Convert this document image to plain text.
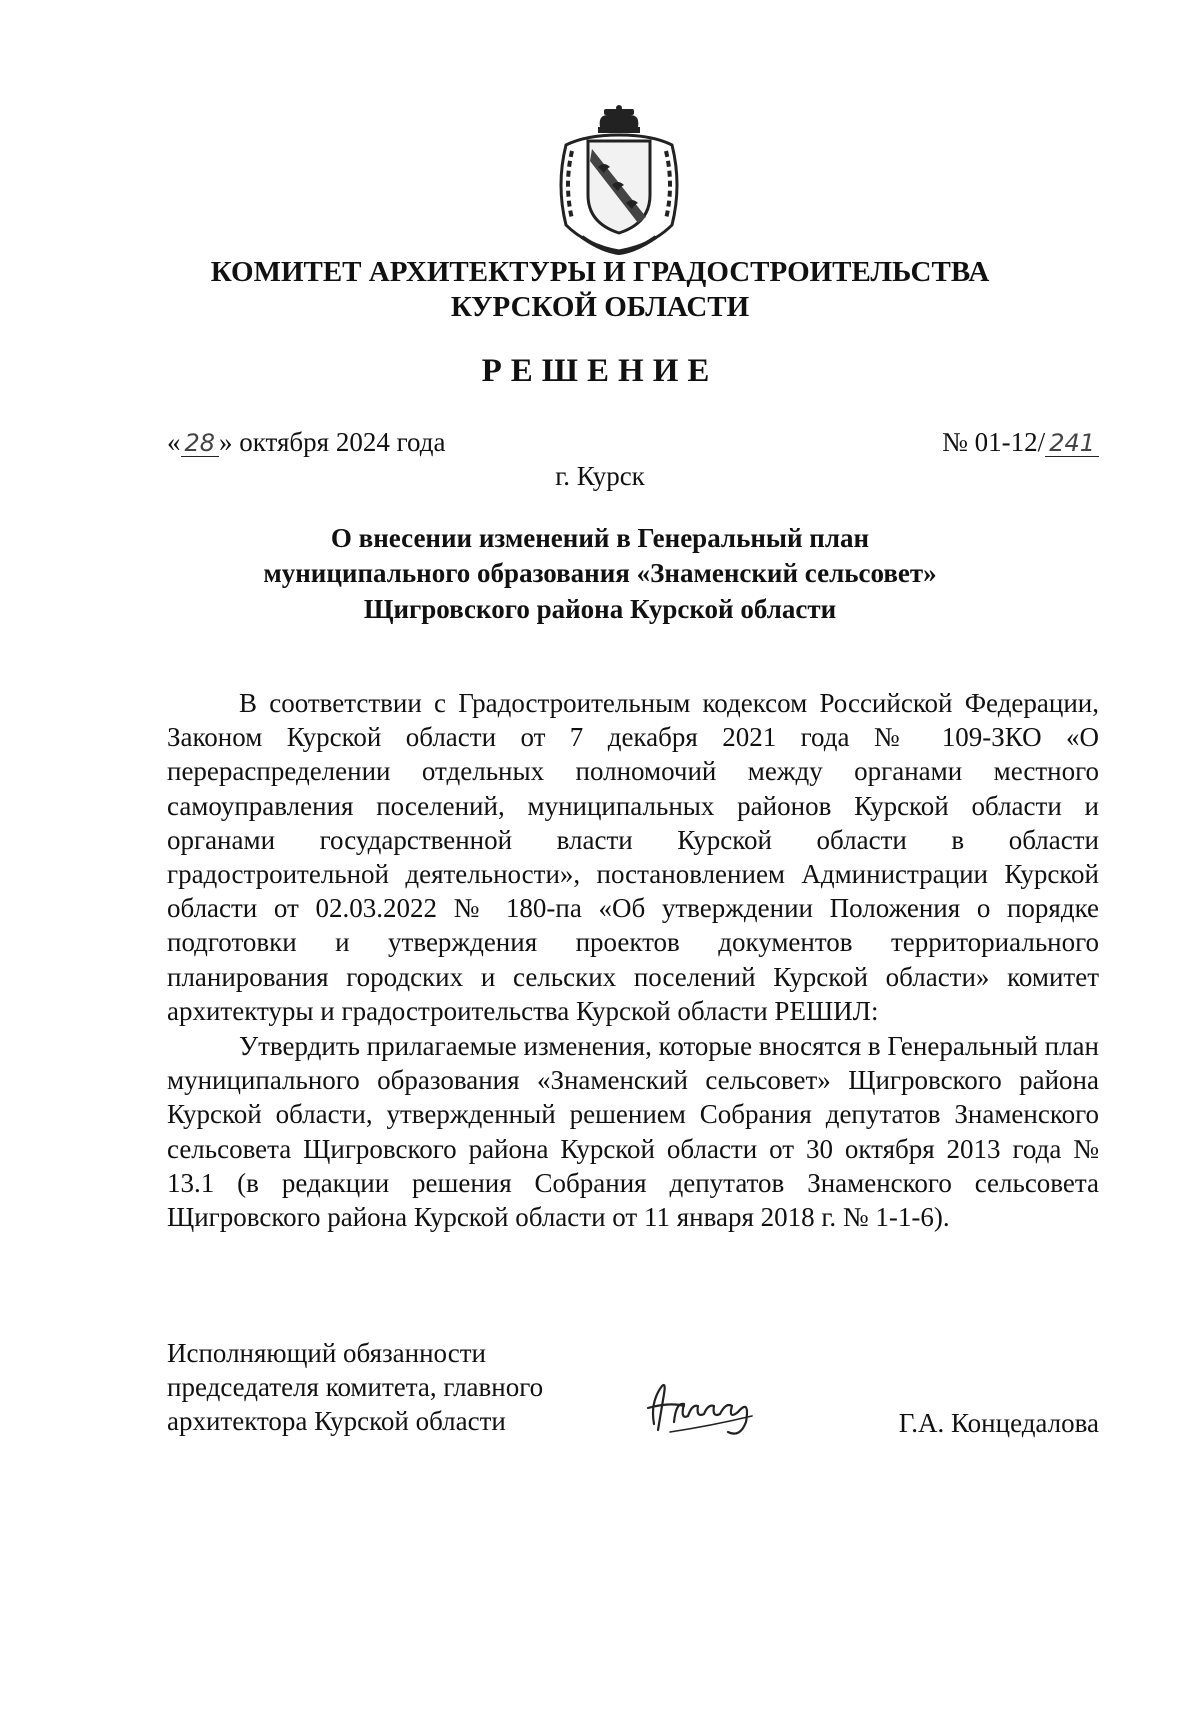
КОМИТЕТ АРХИТЕКТУРЫ И ГРАДОСТРОИТЕЛЬСТВА
КУРСКОЙ ОБЛАСТИ
РЕШЕНИЕ
« 28 » октября 2024 года	№ 01-12/ 241
г. Курск
О внесении изменений в Генеральный план
муниципального образования «Знаменский сельсовет»
Щигровского района Курской области

В соответствии с Градостроительным кодексом Российской Федерации, Законом Курской области от 7 декабря 2021 года № 109-ЗКО «О перераспределении отдельных полномочий между органами местного самоуправления поселений, муниципальных районов Курской области и органами государственной власти Курской области в области градостроительной деятельности», постановлением Администрации Курской области от 02.03.2022 № 180-па «Об утверждении Положения о порядке подготовки и утверждения проектов документов территориального планирования городских и сельских поселений Курской области» комитет архитектуры и градостроительства Курской области РЕШИЛ:

Утвердить прилагаемые изменения, которые вносятся в Генеральный план муниципального образования «Знаменский сельсовет» Щигровского района Курской области, утвержденный решением Собрания депутатов Знаменского сельсовета Щигровского района Курской области от 30 октября 2013 года № 13.1 (в редакции решения Собрания депутатов Знаменского сельсовета Щигровского района Курской области от 11 января 2018 г. № 1-1-6).

Исполняющий обязанности
председателя комитета, главного
архитектора Курской области	Г.А. Концедалова
